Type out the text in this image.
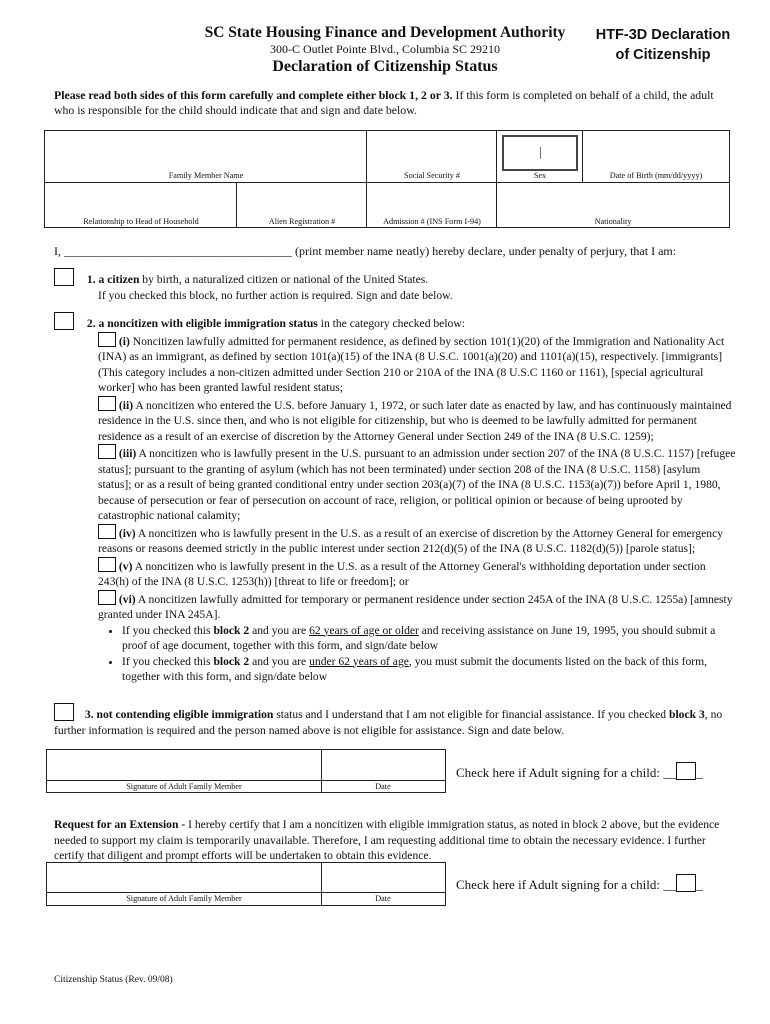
SC State Housing Finance and Development Authority
300-C Outlet Pointe Blvd., Columbia SC 29210
Declaration of Citizenship Status
HTF-3D Declaration
of Citizenship
Please read both sides of this form carefully and complete either block 1, 2 or 3. If this form is completed on behalf of a child, the adult who is responsible for the child should indicate that and sign and date below.
Family Member Name	Social Security #	Sex	Date of Birth (mm/dd/yyyy)
Relationship to Head of Household	Alien Registration #	Admission # (INS Form I-94)	Nationality
I, ______________________________________ (print member name neatly) hereby declare, under penalty of perjury, that I am:
1. a citizen by birth, a naturalized citizen or national of the United States.
If you checked this block, no further action is required. Sign and date below.
2. a noncitizen with eligible immigration status in the category checked below:
(i) Noncitizen lawfully admitted for permanent residence, as defined by section 101(1)(20) of the Immigration and Nationality Act (INA) as an immigrant, as defined by section 101(a)(15) of the INA (8 U.S.C. 1001(a)(20) and 1101(a)(15), respectively. [immigrants] (This category includes a non-citizen admitted under Section 210 or 210A of the INA (8 U.S.C 1160 or 1161), [special agricultural worker] who has been granted lawful resident status;
(ii) A noncitizen who entered the U.S. before January 1, 1972, or such later date as enacted by law, and has continuously maintained residence in the U.S. since then, and who is not eligible for citizenship, but who is deemed to be lawfully admitted for permanent residence as a result of an exercise of discretion by the Attorney General under Section 249 of the INA (8 U.S.C. 1259);
(iii) A noncitizen who is lawfully present in the U.S. pursuant to an admission under section 207 of the INA (8 U.S.C. 1157) [refugee status]; pursuant to the granting of asylum (which has not been terminated) under section 208 of the INA (8 U.S.C. 1158) [asylum status]; or as a result of being granted conditional entry under section 203(a)(7) of the INA (8 U.S.C. 1153(a)(7)) before April 1, 1980, because of persecution or fear of persecution on account of race, religion, or political opinion or because of being uprooted by catastrophic national calamity;
(iv) A noncitizen who is lawfully present in the U.S. as a result of an exercise of discretion by the Attorney General for emergency reasons or reasons deemed strictly in the public interest under section 212(d)(5) of the INA (8 U.S.C. 1182(d)(5)) [parole status];
(v) A noncitizen who is lawfully present in the U.S. as a result of the Attorney General's withholding deportation under section 243(h) of the INA (8 U.S.C. 1253(h)) [threat to life or freedom]; or
(vi) A noncitizen lawfully admitted for temporary or permanent residence under section 245A of the INA (8 U.S.C. 1255a) [amnesty granted under INA 245A].
• If you checked this block 2 and you are 62 years of age or older and receiving assistance on June 19, 1995, you should submit a proof of age document, together with this form, and sign/date below
• If you checked this block 2 and you are under 62 years of age, you must submit the documents listed on the back of this form, together with this form, and sign/date below
3. not contending eligible immigration status and I understand that I am not eligible for financial assistance. If you checked block 3, no further information is required and the person named above is not eligible for assistance. Sign and date below.
Signature of Adult Family Member	Date
Check here if Adult signing for a child: __ _
Request for an Extension - I hereby certify that I am a noncitizen with eligible immigration status, as noted in block 2 above, but the evidence needed to support my claim is temporarily unavailable. Therefore, I am requesting additional time to obtain the necessary evidence. I further certify that diligent and prompt efforts will be undertaken to obtain this evidence.
Signature of Adult Family Member	Date
Check here if Adult signing for a child: __ _
Citizenship Status (Rev. 09/08)
